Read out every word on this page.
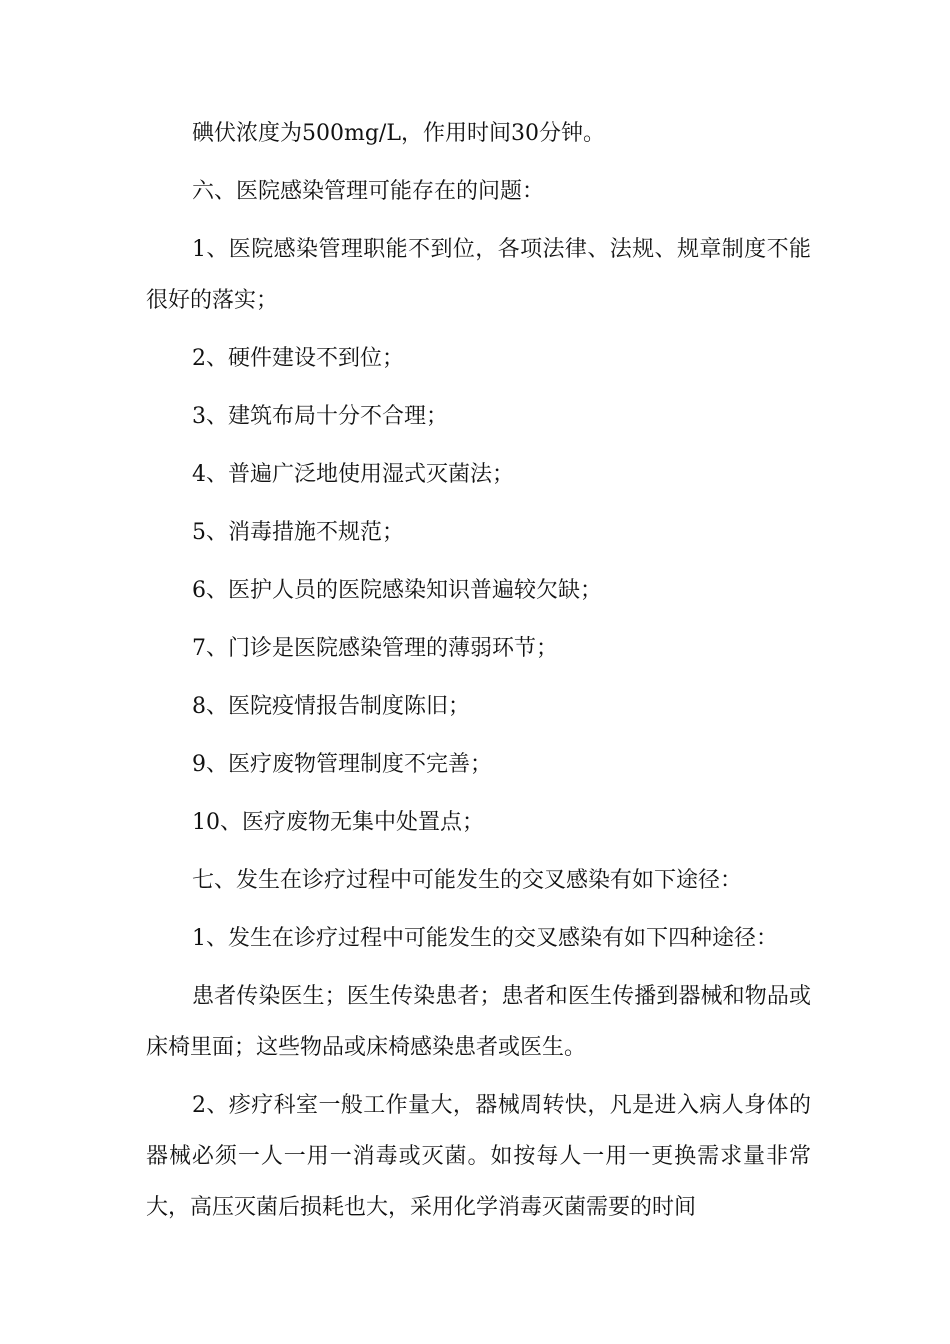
碘伏浓度为500mg/L，作用时间30分钟。

六、医院感染管理可能存在的问题：

1、医院感染管理职能不到位，各项法律、法规、规章制度不能很好的落实；

2、硬件建设不到位；

3、建筑布局十分不合理；

4、普遍广泛地使用湿式灭菌法；

5、消毒措施不规范；

6、医护人员的医院感染知识普遍较欠缺；

7、门诊是医院感染管理的薄弱环节；

8、医院疫情报告制度陈旧；

9、医疗废物管理制度不完善；

10、医疗废物无集中处置点；

七、发生在诊疗过程中可能发生的交叉感染有如下途径：

1、发生在诊疗过程中可能发生的交叉感染有如下四种途径：

患者传染医生；医生传染患者；患者和医生传播到器械和物品或床椅里面；这些物品或床椅感染患者或医生。

2、疹疗科室一般工作量大，器械周转快，凡是进入病人身体的器械必须一人一用一消毒或灭菌。如按每人一用一更换需求量非常大，高压灭菌后损耗也大，采用化学消毒灭菌需要的时间
